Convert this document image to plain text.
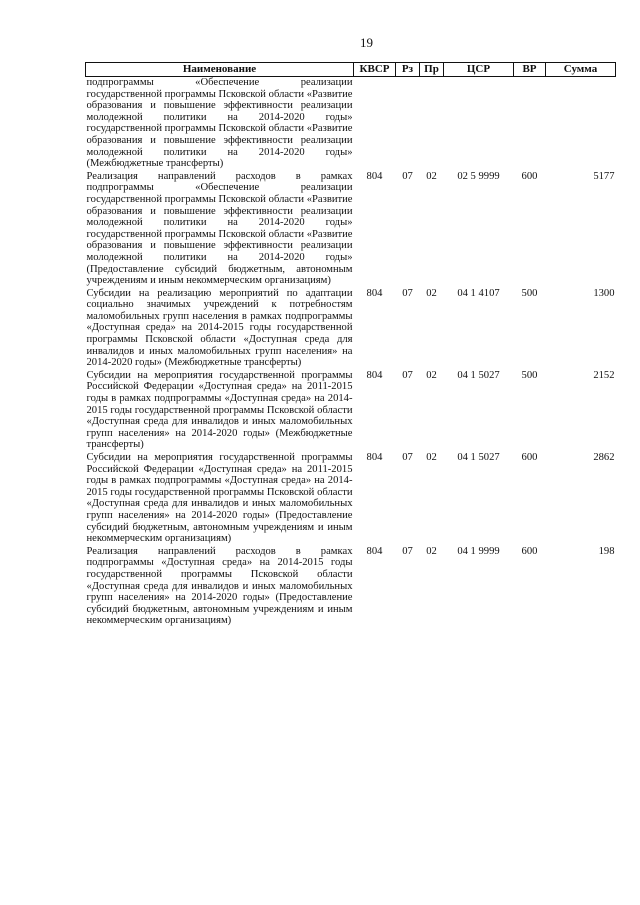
19
Наименование	КВСР	Рз	Пр	ЦСР	ВР	Сумма
подпрограммы «Обеспечение реализации государственной программы Псковской области «Развитие образования и повышение эффективности реализации молодежной политики на 2014-2020 годы» государственной программы Псковской области «Развитие образования и повышение эффективности реализации молодежной политики на 2014-2020 годы» (Межбюджетные трансферты)						
Реализация направлений расходов в рамках подпрограммы «Обеспечение реализации государственной программы Псковской области «Развитие образования и повышение эффективности реализации молодежной политики на 2014-2020 годы» государственной программы Псковской области «Развитие образования и повышение эффективности реализации молодежной политики на 2014-2020 годы» (Предоставление субсидий бюджетным, автономным учреждениям и иным некоммерческим организациям)	804	07	02	02 5 9999	600	5177
Субсидии на реализацию мероприятий по адаптации социально значимых учреждений к потребностям маломобильных групп населения в рамках подпрограммы «Доступная среда» на 2014-2015 годы государственной программы Псковской области «Доступная среда для инвалидов и иных маломобильных групп населения» на 2014-2020 годы» (Межбюджетные трансферты)	804	07	02	04 1 4107	500	1300
Субсидии на мероприятия государственной программы Российской Федерации «Доступная среда» на 2011-2015 годы в рамках подпрограммы «Доступная среда» на 2014-2015 годы государственной программы Псковской области «Доступная среда для инвалидов и иных маломобильных групп населения» на 2014-2020 годы» (Межбюджетные трансферты)	804	07	02	04 1 5027	500	2152
Субсидии на мероприятия государственной программы Российской Федерации «Доступная среда» на 2011-2015 годы в рамках подпрограммы «Доступная среда» на 2014-2015 годы государственной программы Псковской области «Доступная среда для инвалидов и иных маломобильных групп населения» на 2014-2020 годы» (Предоставление субсидий бюджетным, автономным учреждениям и иным некоммерческим организациям)	804	07	02	04 1 5027	600	2862
Реализация направлений расходов в рамках подпрограммы «Доступная среда» на 2014-2015 годы государственной программы Псковской области «Доступная среда для инвалидов и иных маломобильных групп населения» на 2014-2020 годы» (Предоставление субсидий бюджетным, автономным учреждениям и иным некоммерческим организациям)	804	07	02	04 1 9999	600	198
